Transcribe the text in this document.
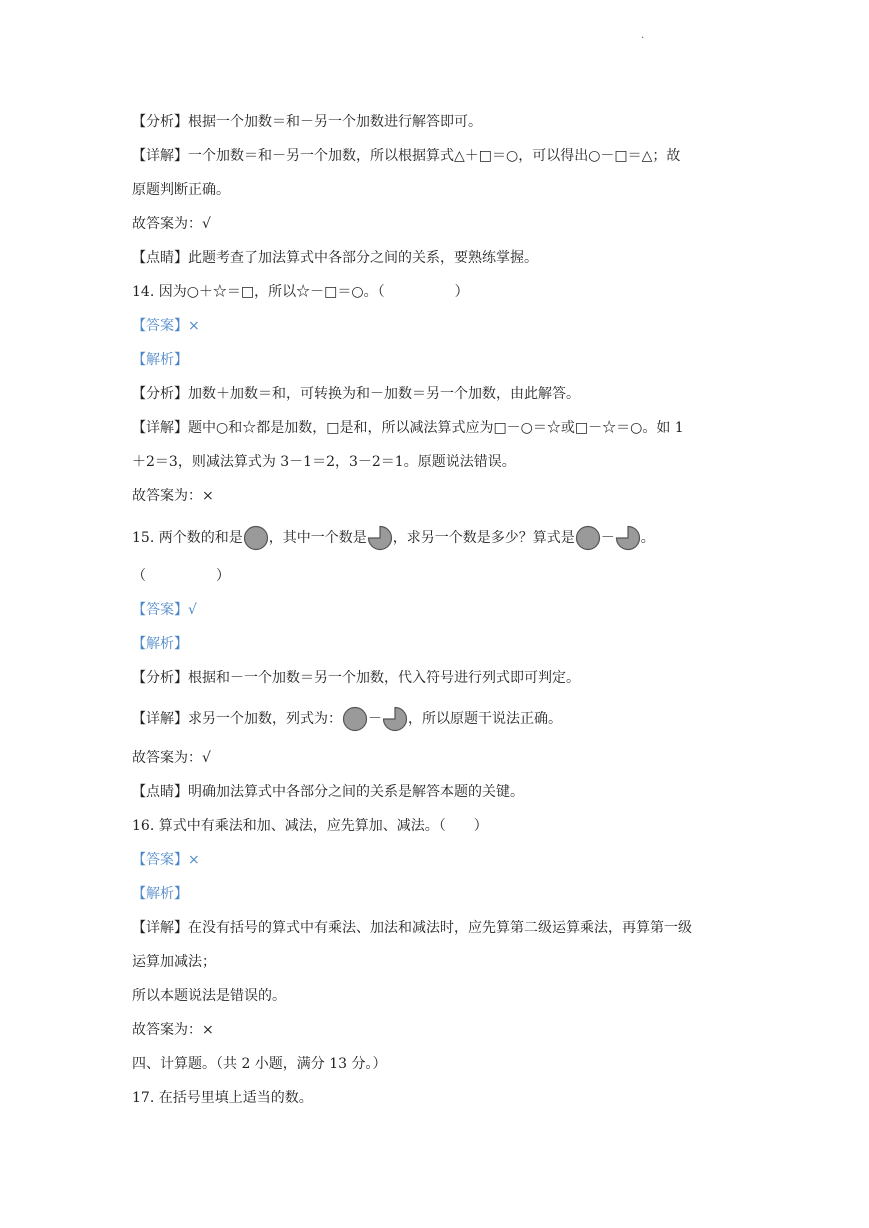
.
【分析】根据一个加数＝和－另一个加数进行解答即可。
【详解】一个加数＝和－另一个加数，所以根据算式△＋□＝○，可以得出○－□＝△；故
原题判断正确。
故答案为：√
【点睛】此题考查了加法算式中各部分之间的关系，要熟练掌握。
14. 因为○＋☆＝□，所以☆－□＝○。（　　　　　）
【答案】×
【解析】
【分析】加数＋加数＝和，可转换为和－加数＝另一个加数，由此解答。
【详解】题中○和☆都是加数，□是和，所以减法算式应为□－○＝☆或□－☆＝○。如 1
＋2＝3，则减法算式为 3－1＝2，3－2＝1。原题说法错误。
故答案为：×
15. 两个数的和是 ，其中一个数是 ，求另一个数是多少？算式是 － 。
（　　　　　）
【答案】√
【解析】
【分析】根据和－一个加数＝另一个加数，代入符号进行列式即可判定。
【详解】求另一个加数，列式为： － ，所以原题干说法正确。
故答案为：√
【点睛】明确加法算式中各部分之间的关系是解答本题的关键。
16. 算式中有乘法和加、减法，应先算加、减法。（　　）
【答案】×
【解析】
【详解】在没有括号的算式中有乘法、加法和减法时，应先算第二级运算乘法，再算第一级
运算加减法；
所以本题说法是错误的。
故答案为：×
四、计算题。（共 2 小题，满分 13 分。）
17. 在括号里填上适当的数。
